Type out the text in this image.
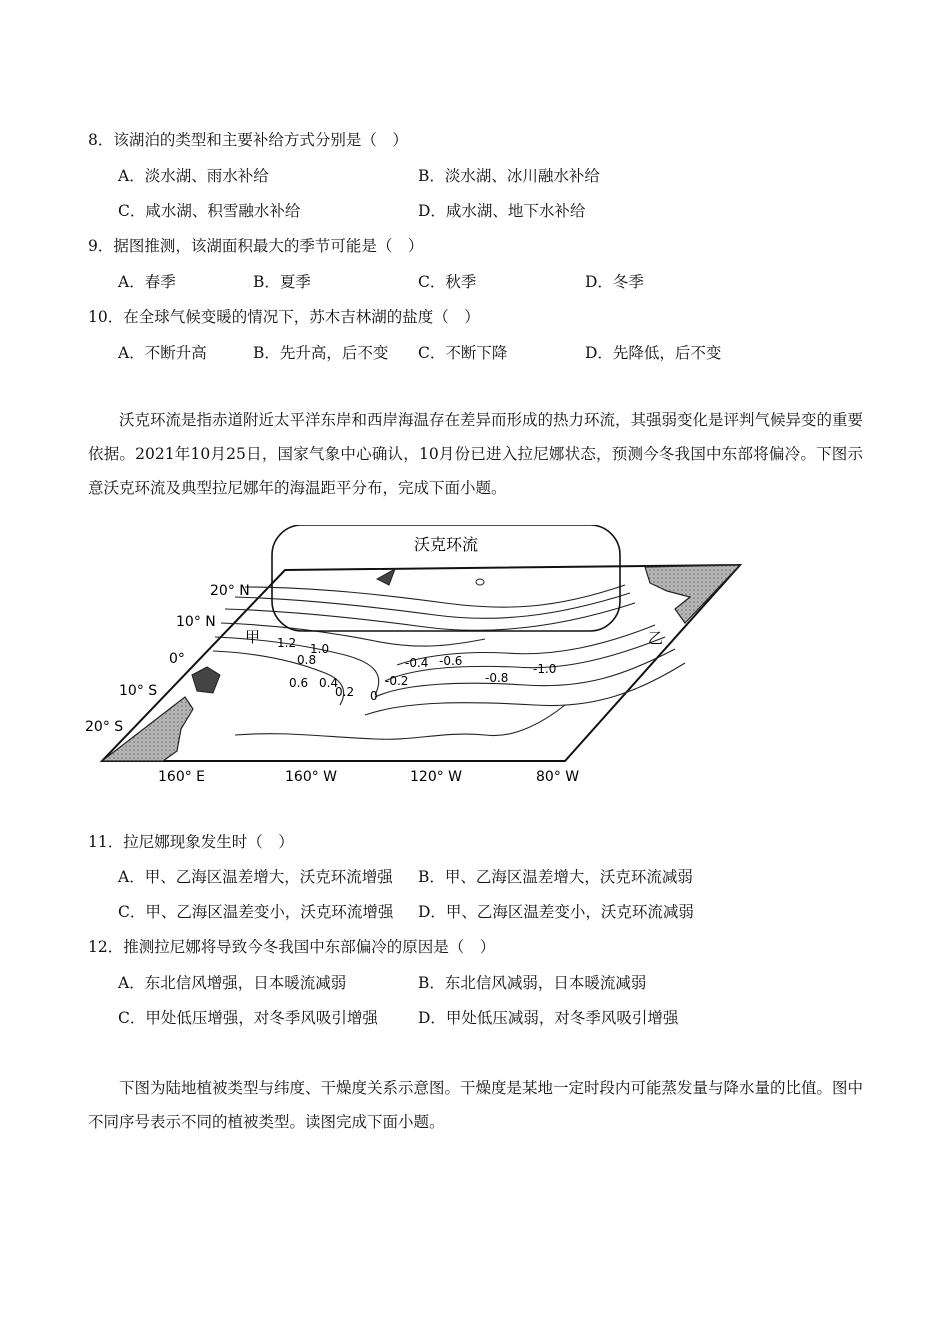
8．该湖泊的类型和主要补给方式分别是（　）
A．淡水湖、雨水补给	B．淡水湖、冰川融水补给
C．咸水湖、积雪融水补给	D．咸水湖、地下水补给
9．据图推测，该湖面积最大的季节可能是（　）
A．春季	B．夏季	C．秋季	D．冬季
10．在全球气候变暖的情况下，苏木吉林湖的盐度（　）
A．不断升高	B．先升高，后不变 C．不断下降	D．先降低，后不变
沃克环流是指赤道附近太平洋东岸和西岸海温存在差异而形成的热力环流，其强弱变化是评判气候异变的重要依据。2021年10月25日，国家气象中心确认，10月份已进入拉尼娜状态，预测今冬我国中东部将偏冷。下图示意沃克环流及典型拉尼娜年的海温距平分布，完成下面小题。
沃克环流
20° N
10° N
0°
10° S
20° S
160° E	160° W	120° W	80° W
甲	乙
1.2 1.0
0.8
0.6 0.4
0.2 0
-0.2
-0.4 -0.6
-0.8
-1.0
11．拉尼娜现象发生时（　）
A．甲、乙海区温差增大，沃克环流增强 B．甲、乙海区温差增大，沃克环流减弱
C．甲、乙海区温差变小，沃克环流增强 D．甲、乙海区温差变小，沃克环流减弱
12．推测拉尼娜将导致今冬我国中东部偏冷的原因是（　）
A．东北信风增强，日本暖流减弱	B．东北信风减弱，日本暖流减弱
C．甲处低压增强，对冬季风吸引增强	D．甲处低压减弱，对冬季风吸引增强
下图为陆地植被类型与纬度、干燥度关系示意图。干燥度是某地一定时段内可能蒸发量与降水量的比值。图中不同序号表示不同的植被类型。读图完成下面小题。
